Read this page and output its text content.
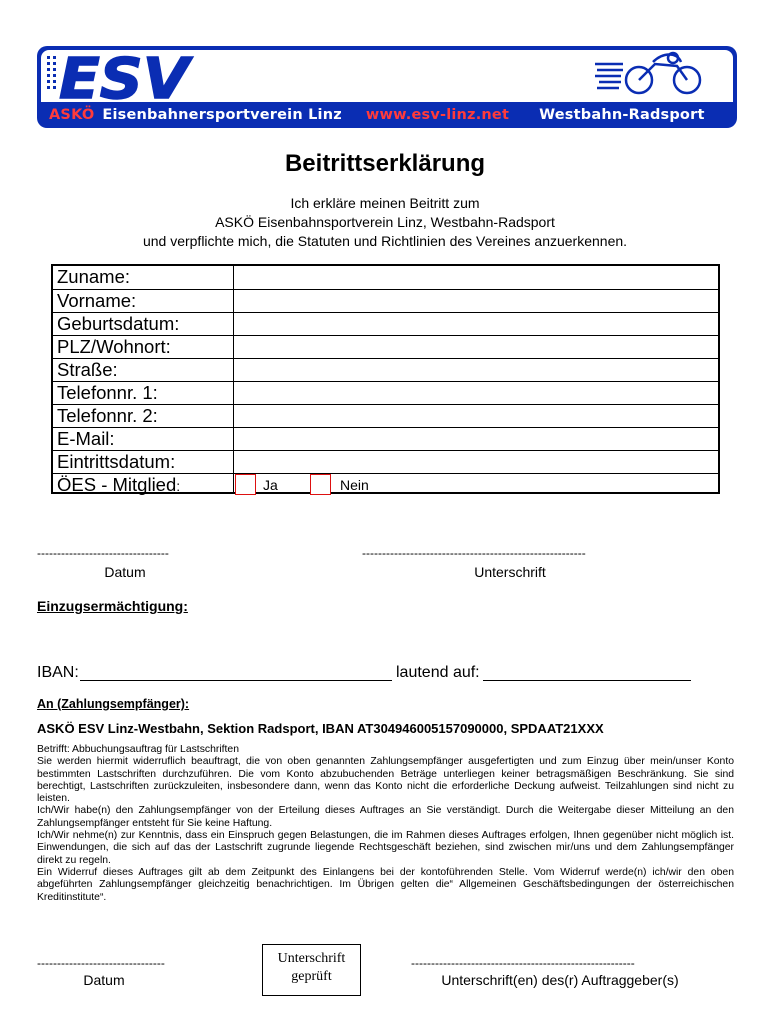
ESV
ASKÖ Eisenbahnersportverein Linz www.esv-linz.net Westbahn-Radsport
Beitrittserklärung
Ich erkläre meinen Beitritt zum
ASKÖ Eisenbahnsportverein Linz, Westbahn-Radsport
und verpflichte mich, die Statuten und Richtlinien des Vereines anzuerkennen.
Zuname:
Vorname:
Geburtsdatum:
PLZ/Wohnort:
Straße:
Telefonnr. 1:
Telefonnr. 2:
E-Mail:
Eintrittsdatum:
ÖES - Mitglied:	Ja	Nein
---------------------------------
Datum
--------------------------------------------------------
Unterschrift
Einzugsermächtigung:
IBAN:	lautend auf:
An (Zahlungsempfänger):
ASKÖ ESV Linz-Westbahn, Sektion Radsport, IBAN AT304946005157090000, SPDAAT21XXX

Betrifft: Abbuchungsauftrag für Lastschriften

Sie werden hiermit widerruflich beauftragt, die von oben genannten Zahlungsempfänger ausgefertigten und zum Einzug über mein/unser Konto bestimmten Lastschriften durchzuführen. Die vom Konto abzubuchenden Beträge unterliegen keiner betragsmäßigen Beschränkung. Sie sind berechtigt, Lastschriften zurückzuleiten, insbesondere dann, wenn das Konto nicht die erforderliche Deckung aufweist. Teilzahlungen sind nicht zu leisten.

Ich/Wir habe(n) den Zahlungsempfänger von der Erteilung dieses Auftrages an Sie verständigt. Durch die Weitergabe dieser Mitteilung an den Zahlungsempfänger entsteht für Sie keine Haftung.

Ich/Wir nehme(n) zur Kenntnis, dass ein Einspruch gegen Belastungen, die im Rahmen dieses Auftrages erfolgen, Ihnen gegenüber nicht möglich ist. Einwendungen, die sich auf das der Lastschrift zugrunde liegende Rechtsgeschäft beziehen, sind zwischen mir/uns und dem Zahlungsempfänger direkt zu regeln.

Ein Widerruf dieses Auftrages gilt ab dem Zeitpunkt des Einlangens bei der kontoführenden Stelle. Vom Widerruf werde(n) ich/wir den oben abgeführten Zahlungsempfänger gleichzeitig benachrichtigen. Im Übrigen gelten die“ Allgemeinen Geschäftsbedingungen der österreichischen Kreditinstitute“.

--------------------------------
Datum
Unterschrift
geprüft
--------------------------------------------------------
Unterschrift(en) des(r) Auftraggeber(s)
